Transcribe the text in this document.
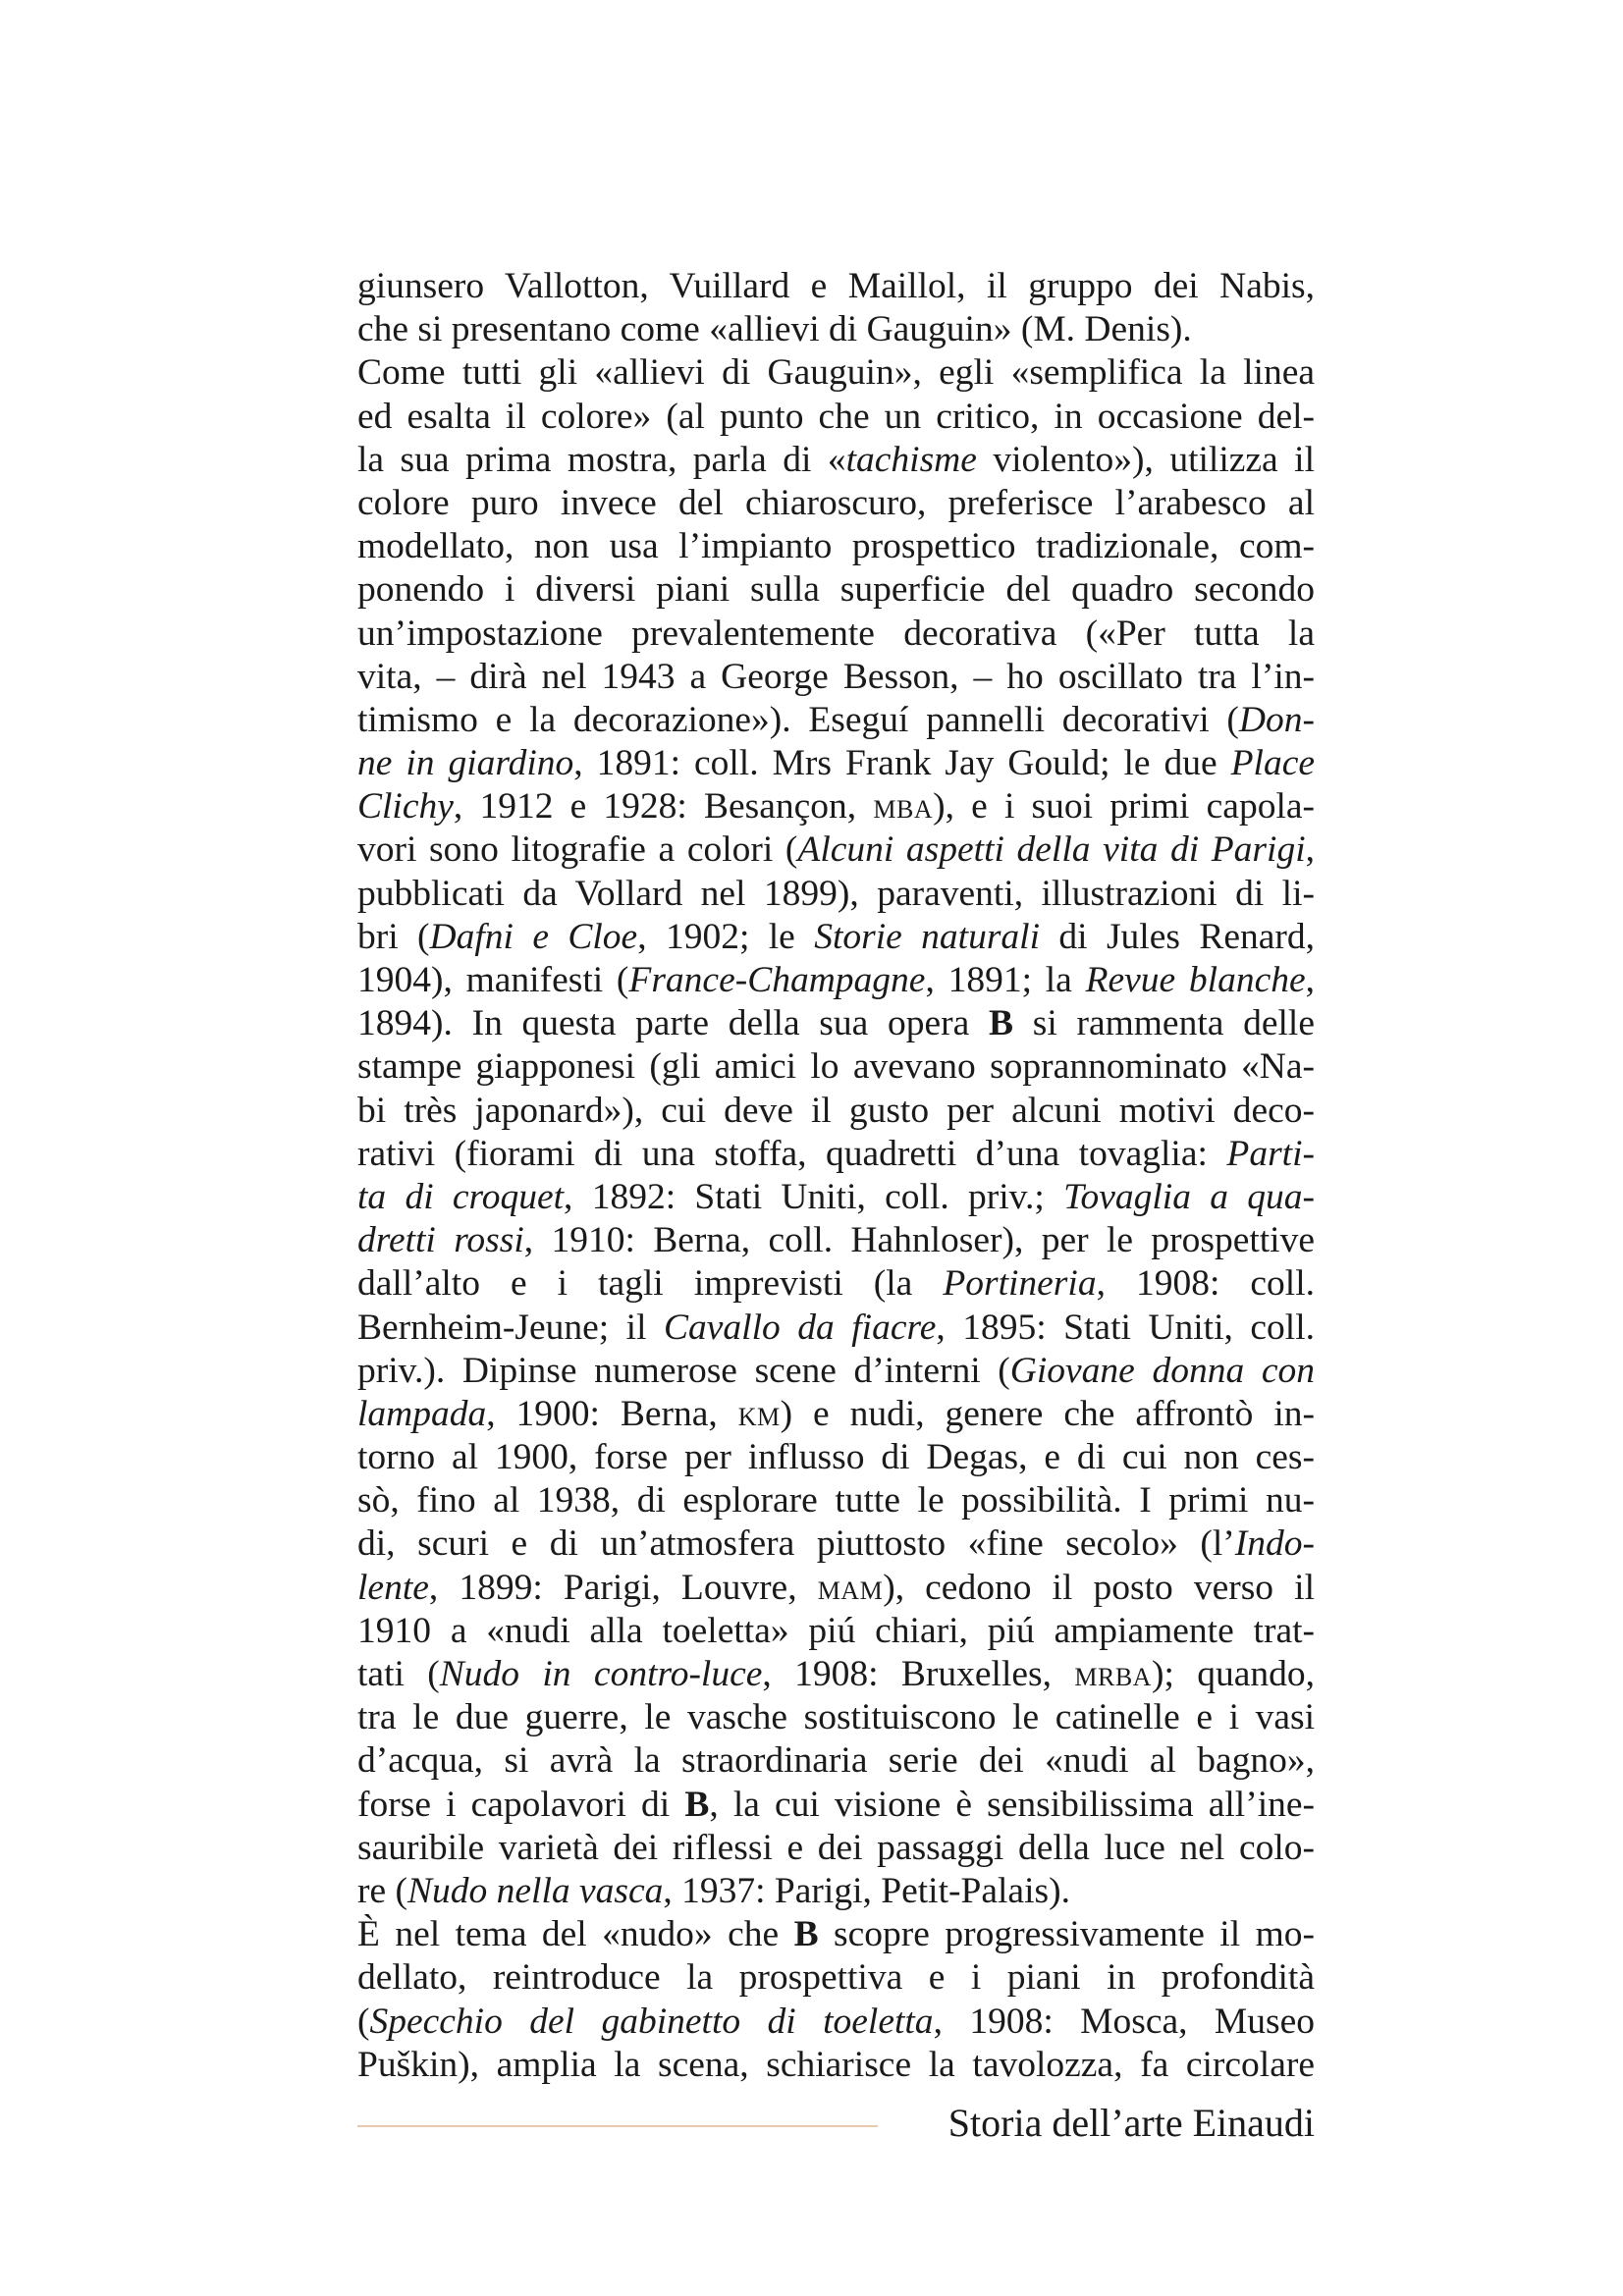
giunsero Vallotton, Vuillard e Maillol, il gruppo dei Nabis,
che si presentano come «allievi di Gauguin» (M. Denis).
Come tutti gli «allievi di Gauguin», egli «semplifica la linea
ed esalta il colore» (al punto che un critico, in occasione del-
la sua prima mostra, parla di «tachisme violento»), utilizza il
colore puro invece del chiaroscuro, preferisce l’arabesco al
modellato, non usa l’impianto prospettico tradizionale, com-
ponendo i diversi piani sulla superficie del quadro secondo
un’impostazione prevalentemente decorativa («Per tutta la
vita, – dirà nel 1943 a George Besson, – ho oscillato tra l’in-
timismo e la decorazione»). Eseguí pannelli decorativi (Don-
ne in giardino, 1891: coll. Mrs Frank Jay Gould; le due Place
Clichy, 1912 e 1928: Besançon, mba), e i suoi primi capola-
vori sono litografie a colori (Alcuni aspetti della vita di Parigi,
pubblicati da Vollard nel 1899), paraventi, illustrazioni di li-
bri (Dafni e Cloe, 1902; le Storie naturali di Jules Renard,
1904), manifesti (France-Champagne, 1891; la Revue blanche,
1894). In questa parte della sua opera B si rammenta delle
stampe giapponesi (gli amici lo avevano soprannominato «Na-
bi très japonard»), cui deve il gusto per alcuni motivi deco-
rativi (fiorami di una stoffa, quadretti d’una tovaglia: Parti-
ta di croquet, 1892: Stati Uniti, coll. priv.; Tovaglia a qua-
dretti rossi, 1910: Berna, coll. Hahnloser), per le prospettive
dall’alto e i tagli imprevisti (la Portineria, 1908: coll.
Bernheim-Jeune; il Cavallo da fiacre, 1895: Stati Uniti, coll.
priv.). Dipinse numerose scene d’interni (Giovane donna con
lampada, 1900: Berna, km) e nudi, genere che affrontò in-
torno al 1900, forse per influsso di Degas, e di cui non ces-
sò, fino al 1938, di esplorare tutte le possibilità. I primi nu-
di, scuri e di un’atmosfera piuttosto «fine secolo» (l’Indo-
lente, 1899: Parigi, Louvre, mam), cedono il posto verso il
1910 a «nudi alla toeletta» piú chiari, piú ampiamente trat-
tati (Nudo in contro-luce, 1908: Bruxelles, mrba); quando,
tra le due guerre, le vasche sostituiscono le catinelle e i vasi
d’acqua, si avrà la straordinaria serie dei «nudi al bagno»,
forse i capolavori di B, la cui visione è sensibilissima all’ine-
sauribile varietà dei riflessi e dei passaggi della luce nel colo-
re (Nudo nella vasca, 1937: Parigi, Petit-Palais).
È nel tema del «nudo» che B scopre progressivamente il mo-
dellato, reintroduce la prospettiva e i piani in profondità
(Specchio del gabinetto di toeletta, 1908: Mosca, Museo
Puškin), amplia la scena, schiarisce la tavolozza, fa circolare
Storia dell’arte Einaudi
